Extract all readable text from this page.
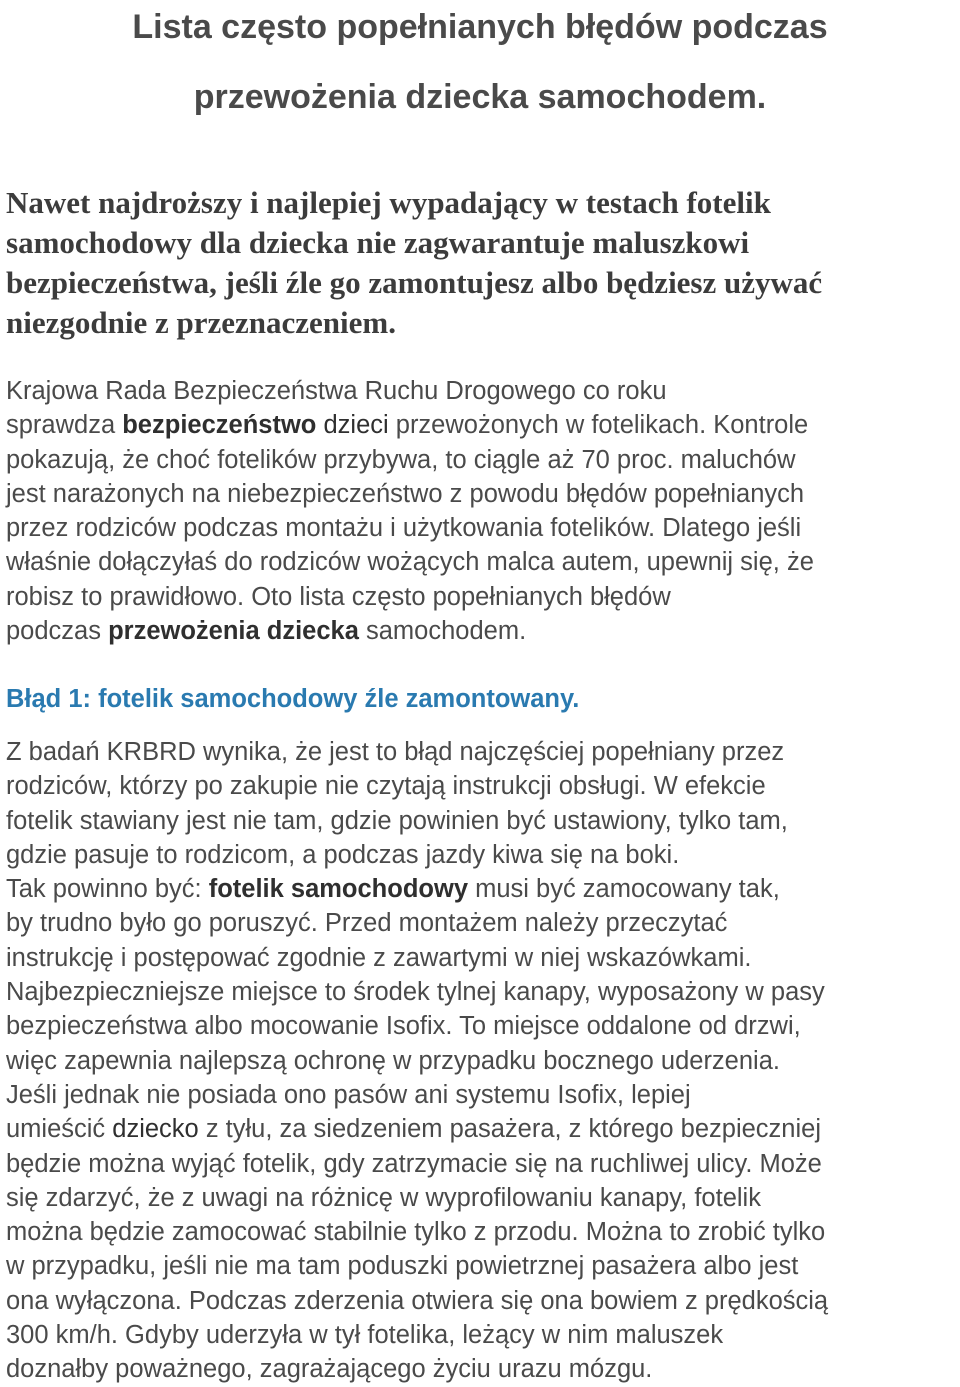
Lista często popełnianych błędów podczas
przewożenia dziecka samochodem.

Nawet najdroższy i najlepiej wypadający w testach fotelik
samochodowy dla dziecka nie zagwarantuje maluszkowi
bezpieczeństwa, jeśli źle go zamontujesz albo będziesz używać
niezgodnie z przeznaczeniem.

Krajowa Rada Bezpieczeństwa Ruchu Drogowego co roku
sprawdza bezpieczeństwo dzieci przewożonych w fotelikach. Kontrole
pokazują, że choć fotelików przybywa, to ciągle aż 70 proc. maluchów
jest narażonych na niebezpieczeństwo z powodu błędów popełnianych
przez rodziców podczas montażu i użytkowania fotelików. Dlatego jeśli
właśnie dołączyłaś do rodziców wożących malca autem, upewnij się, że
robisz to prawidłowo. Oto lista często popełnianych błędów
podczas przewożenia dziecka samochodem.

Błąd 1: fotelik samochodowy źle zamontowany.

Z badań KRBRD wynika, że jest to błąd najczęściej popełniany przez
rodziców, którzy po zakupie nie czytają instrukcji obsługi. W efekcie
fotelik stawiany jest nie tam, gdzie powinien być ustawiony, tylko tam,
gdzie pasuje to rodzicom, a podczas jazdy kiwa się na boki.
Tak powinno być: fotelik samochodowy musi być zamocowany tak,
by trudno było go poruszyć. Przed montażem należy przeczytać
instrukcję i postępować zgodnie z zawartymi w niej wskazówkami.
Najbezpieczniejsze miejsce to środek tylnej kanapy, wyposażony w pasy
bezpieczeństwa albo mocowanie Isofix. To miejsce oddalone od drzwi,
więc zapewnia najlepszą ochronę w przypadku bocznego uderzenia.
Jeśli jednak nie posiada ono pasów ani systemu Isofix, lepiej
umieścić dziecko z tyłu, za siedzeniem pasażera, z którego bezpieczniej
będzie można wyjąć fotelik, gdy zatrzymacie się na ruchliwej ulicy. Może
się zdarzyć, że z uwagi na różnicę w wyprofilowaniu kanapy, fotelik
można będzie zamocować stabilnie tylko z przodu. Można to zrobić tylko
w przypadku, jeśli nie ma tam poduszki powietrznej pasażera albo jest
ona wyłączona. Podczas zderzenia otwiera się ona bowiem z prędkością
300 km/h. Gdyby uderzyła w tył fotelika, leżący w nim maluszek
doznałby poważnego, zagrażającego życiu urazu mózgu.
